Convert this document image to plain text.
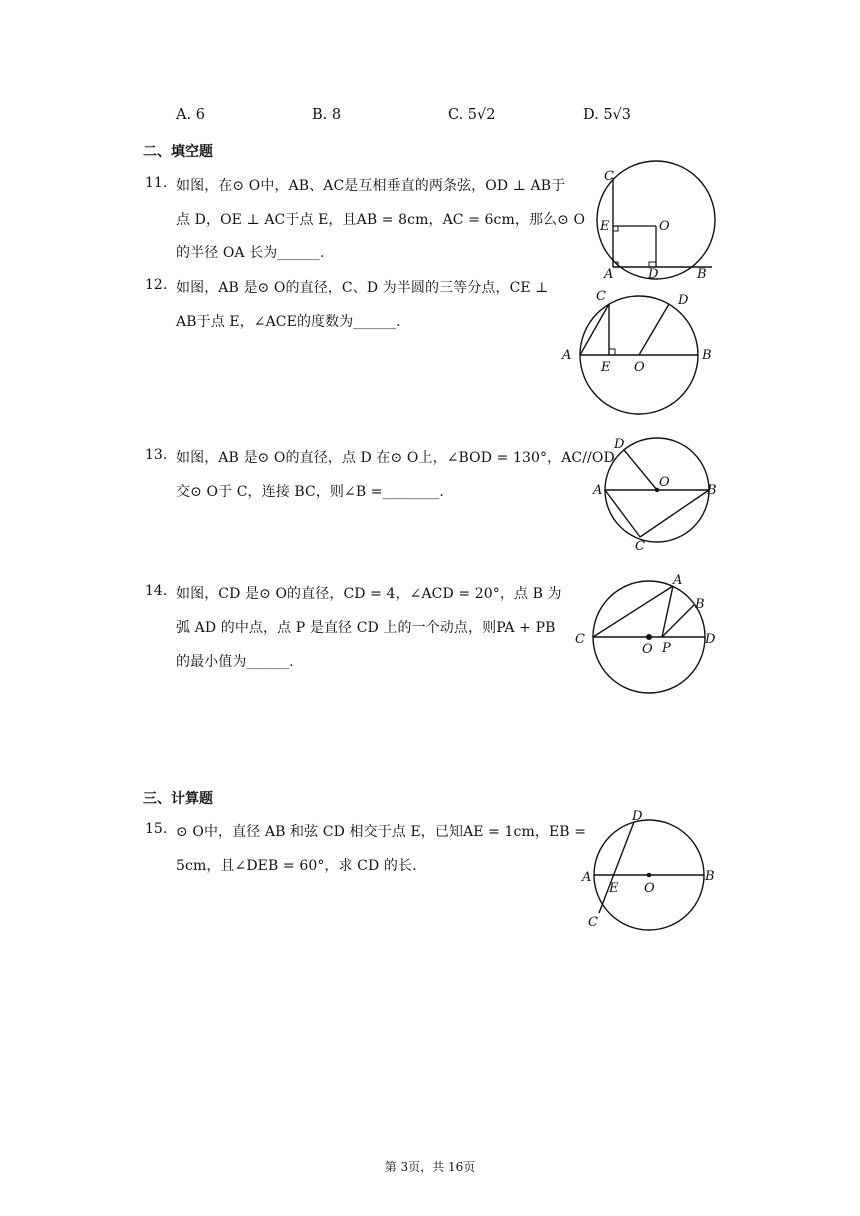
A. 6	B. 8	C. 5√2	D. 5√3
二、填空题
11. 如图，在⊙ O中，AB、AC是互相垂直的两条弦，OD ⊥ AB于
点 D，OE ⊥ AC于点 E，且AB = 8cm，AC = 6cm，那么⊙ O
的半径 OA 长为______.
C
E	O
A	D	B
12. 如图，AB 是⊙ O的直径，C、D 为半圆的三等分点，CE ⊥
AB于点 E，∠ACE的度数为______.
C	D
A
E O
B
13. 如图，AB 是⊙ O的直径，点 D 在⊙ O上，∠BOD = 130°，AC//OD
交⊙ O于 C，连接 BC，则∠B =________.
D
A
O
B
C
14. 如图，CD 是⊙ O的直径，CD = 4，∠ACD = 20°，点 B 为
弧 AD 的中点，点 P 是直径 CD 上的一个动点，则PA + PB
的最小值为______.
A
B
C
O P
D
三、计算题
15. ⊙ O中，直径 AB 和弦 CD 相交于点 E，已知AE = 1cm，EB =
5cm，且∠DEB = 60°，求 CD 的长.
D
A
E O
B
C
第 3页，共 16页
